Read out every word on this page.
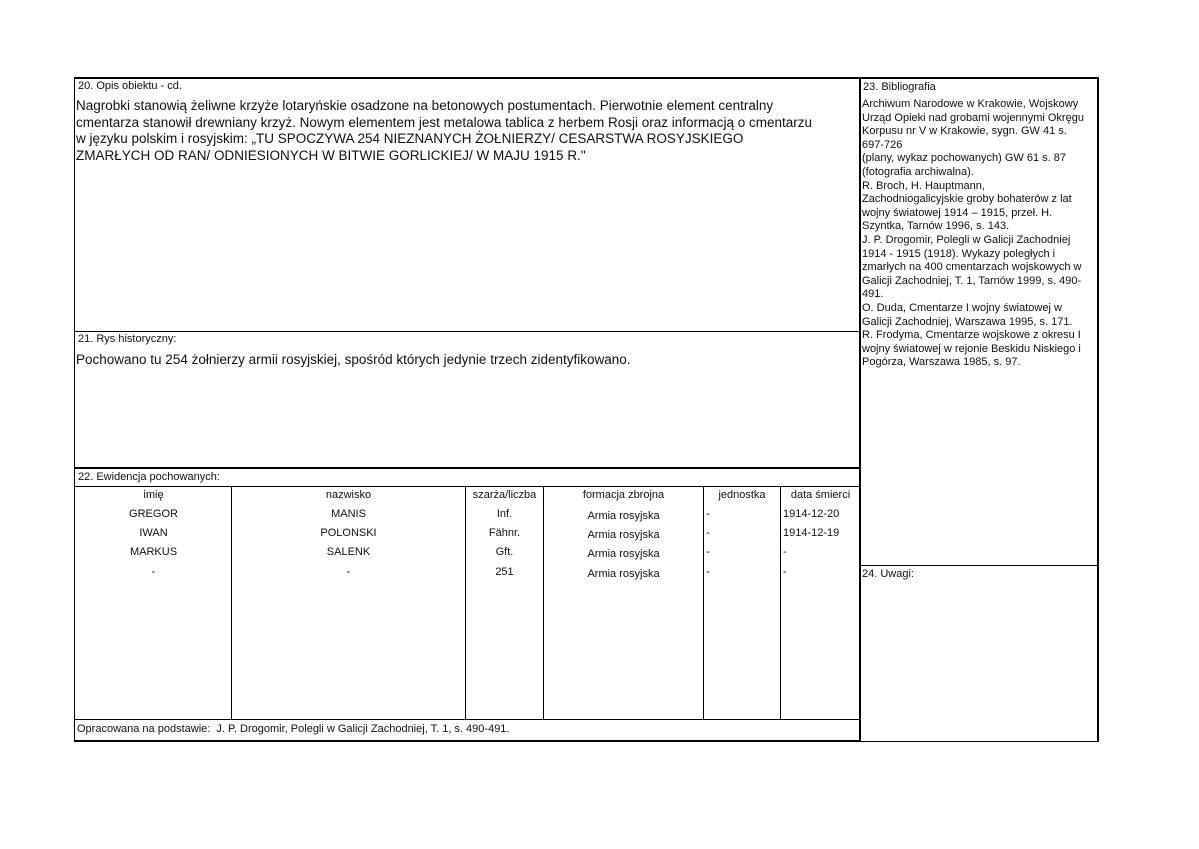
20. Opis obiektu - cd.
Nagrobki stanowią żeliwne krzyże lotaryńskie osadzone na betonowych postumentach. Pierwotnie element centralny
cmentarza stanowił drewniany krzyż. Nowym elementem jest metalowa tablica z herbem Rosji oraz informacją o cmentarzu
w języku polskim i rosyjskim: „TU SPOCZYWA 254 NIEZNANYCH ŻOŁNIERZY/ CESARSTWA ROSYJSKIEGO
ZMARŁYCH OD RAN/ ODNIESIONYCH W BITWIE GORLICKIEJ/ W MAJU 1915 R."
21. Rys historyczny:
Pochowano tu 254 żołnierzy armii rosyjskiej, spośród których jedynie trzech zidentyfikowano.
22. Ewidencja pochowanych:
imię	nazwisko	szarża/liczba	formacja zbrojna	jednostka	data śmierci
GREGOR	MANIS	Inf.	Armia rosyjska	-	1914-12-20
IWAN	POLONSKI	Fähnr.	Armia rosyjska	-	1914-12-19
MARKUS	SALENK	Gft.	Armia rosyjska	-	-
-	-	251	Armia rosyjska	-	-
Opracowana na podstawie:  J. P. Drogomir, Polegli w Galicji Zachodniej, T. 1, s. 490-491.
23. Bibliografia
Archiwum Narodowe w Krakowie, Wojskowy
Urząd Opieki nad grobami wojennymi Okręgu
Korpusu nr V w Krakowie, sygn. GW 41 s.
697-726
(plany, wykaz pochowanych) GW 61 s. 87
(fotografia archiwalna).
R. Broch, H. Hauptmann,
Zachodniogalicyjskie groby bohaterów z lat
wojny światowej 1914 – 1915, przeł. H.
Szyntka, Tarnów 1996, s. 143.
J. P. Drogomir, Polegli w Galicji Zachodniej
1914 - 1915 (1918). Wykazy poległych i
zmarłych na 400 cmentarzach wojskowych w
Galicji Zachodniej, T. 1, Tarnów 1999, s. 490-
491.
O. Duda, Cmentarze I wojny światowej w
Galicji Zachodniej, Warszawa 1995, s. 171.
R. Frodyma, Cmentarze wojskowe z okresu I
wojny światowej w rejonie Beskidu Niskiego i
Pogórza, Warszawa 1985, s. 97.
24. Uwagi:
